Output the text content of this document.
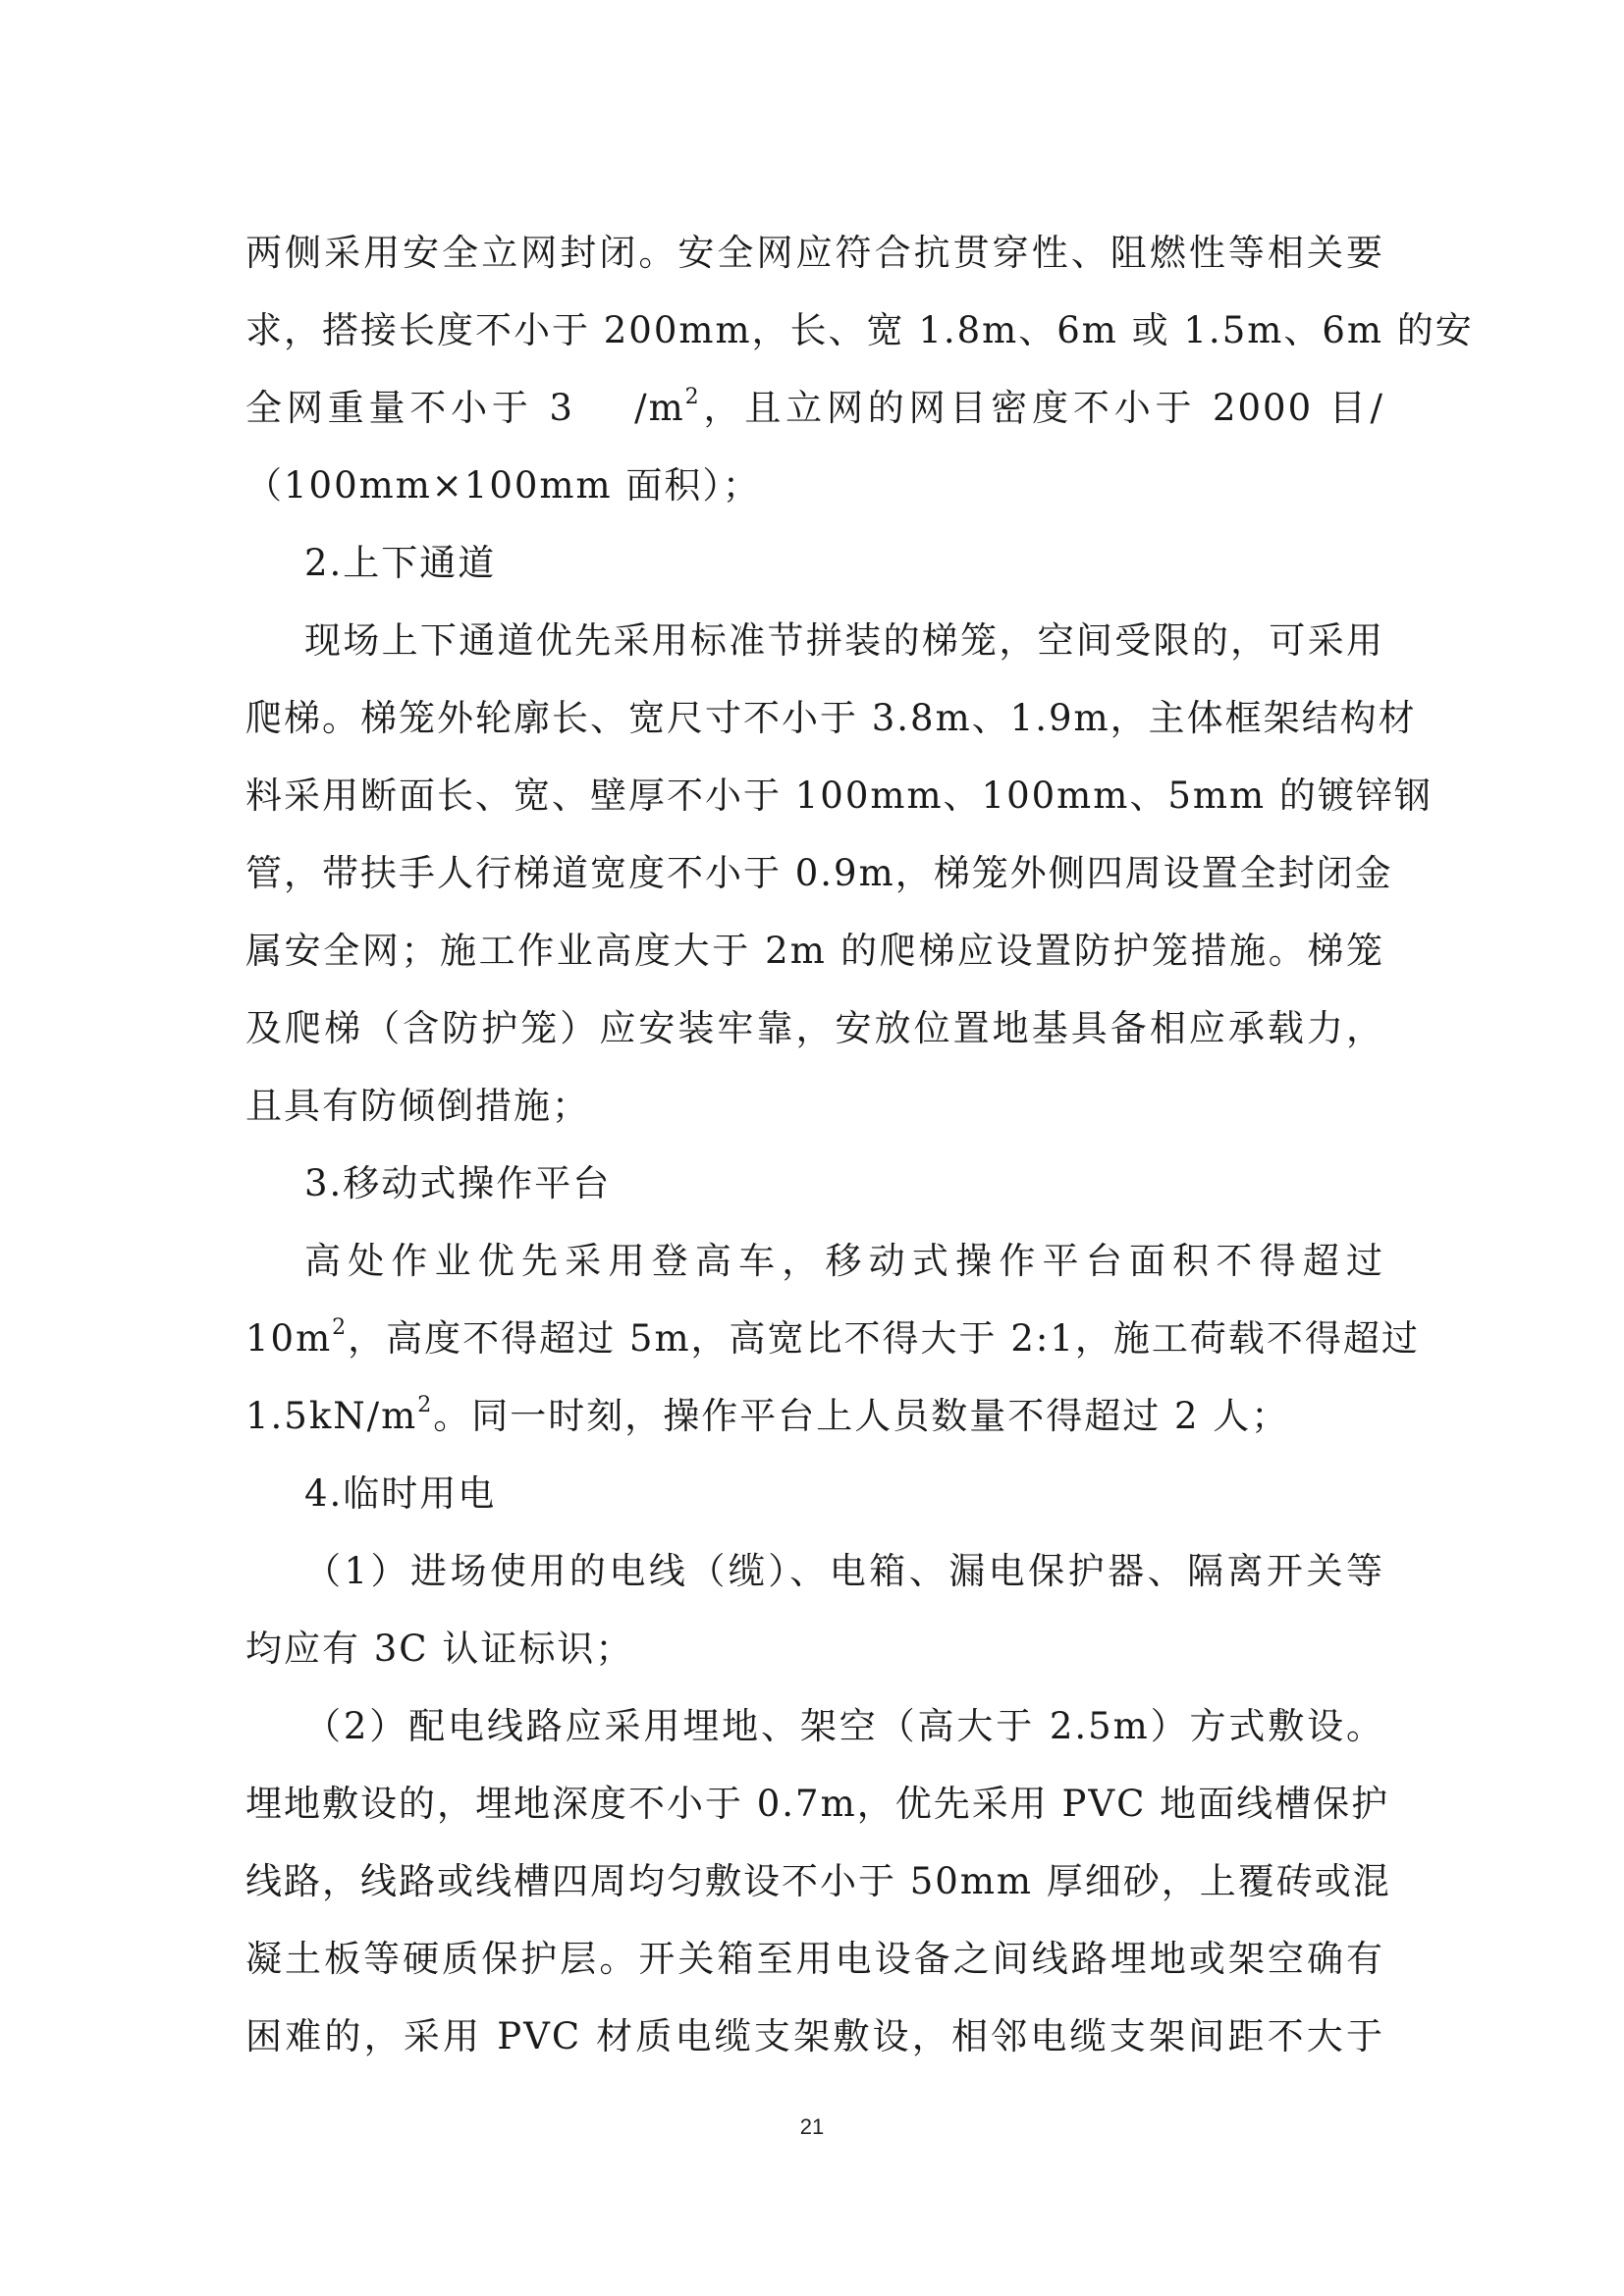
两侧采用安全立网封闭。安全网应符合抗贯穿性、阻燃性等相关要
求，搭接长度不小于 200mm，长、宽 1.8m、6m 或 1.5m、6m 的安
全网重量不小于 3　 $/m^2$，且立网的网目密度不小于 2000 目/
（100mm×100mm 面积）；
2.上下通道
现场上下通道优先采用标准节拼装的梯笼，空间受限的，可采用
爬梯。梯笼外轮廓长、宽尺寸不小于 3.8m、1.9m，主体框架结构材
料采用断面长、宽、壁厚不小于 100mm、100mm、5mm 的镀锌钢
管，带扶手人行梯道宽度不小于 0.9m，梯笼外侧四周设置全封闭金
属安全网；施工作业高度大于 2m 的爬梯应设置防护笼措施。梯笼
及爬梯（含防护笼）应安装牢靠，安放位置地基具备相应承载力，
且具有防倾倒措施；
3.移动式操作平台
高处作业优先采用登高车，移动式操作平台面积不得超过
$10m^2$，高度不得超过 5m，高宽比不得大于 2:1，施工荷载不得超过
$1.5kN/m^2$。同一时刻，操作平台上人员数量不得超过 2 人；
4.临时用电
（1）进场使用的电线（缆）、电箱、漏电保护器、隔离开关等
均应有 3C 认证标识；
（2）配电线路应采用埋地、架空（高大于 2.5m）方式敷设。
埋地敷设的，埋地深度不小于 0.7m，优先采用 PVC 地面线槽保护
线路，线路或线槽四周均匀敷设不小于 50mm 厚细砂，上覆砖或混
凝土板等硬质保护层。开关箱至用电设备之间线路埋地或架空确有
困难的，采用 PVC 材质电缆支架敷设，相邻电缆支架间距不大于
21
